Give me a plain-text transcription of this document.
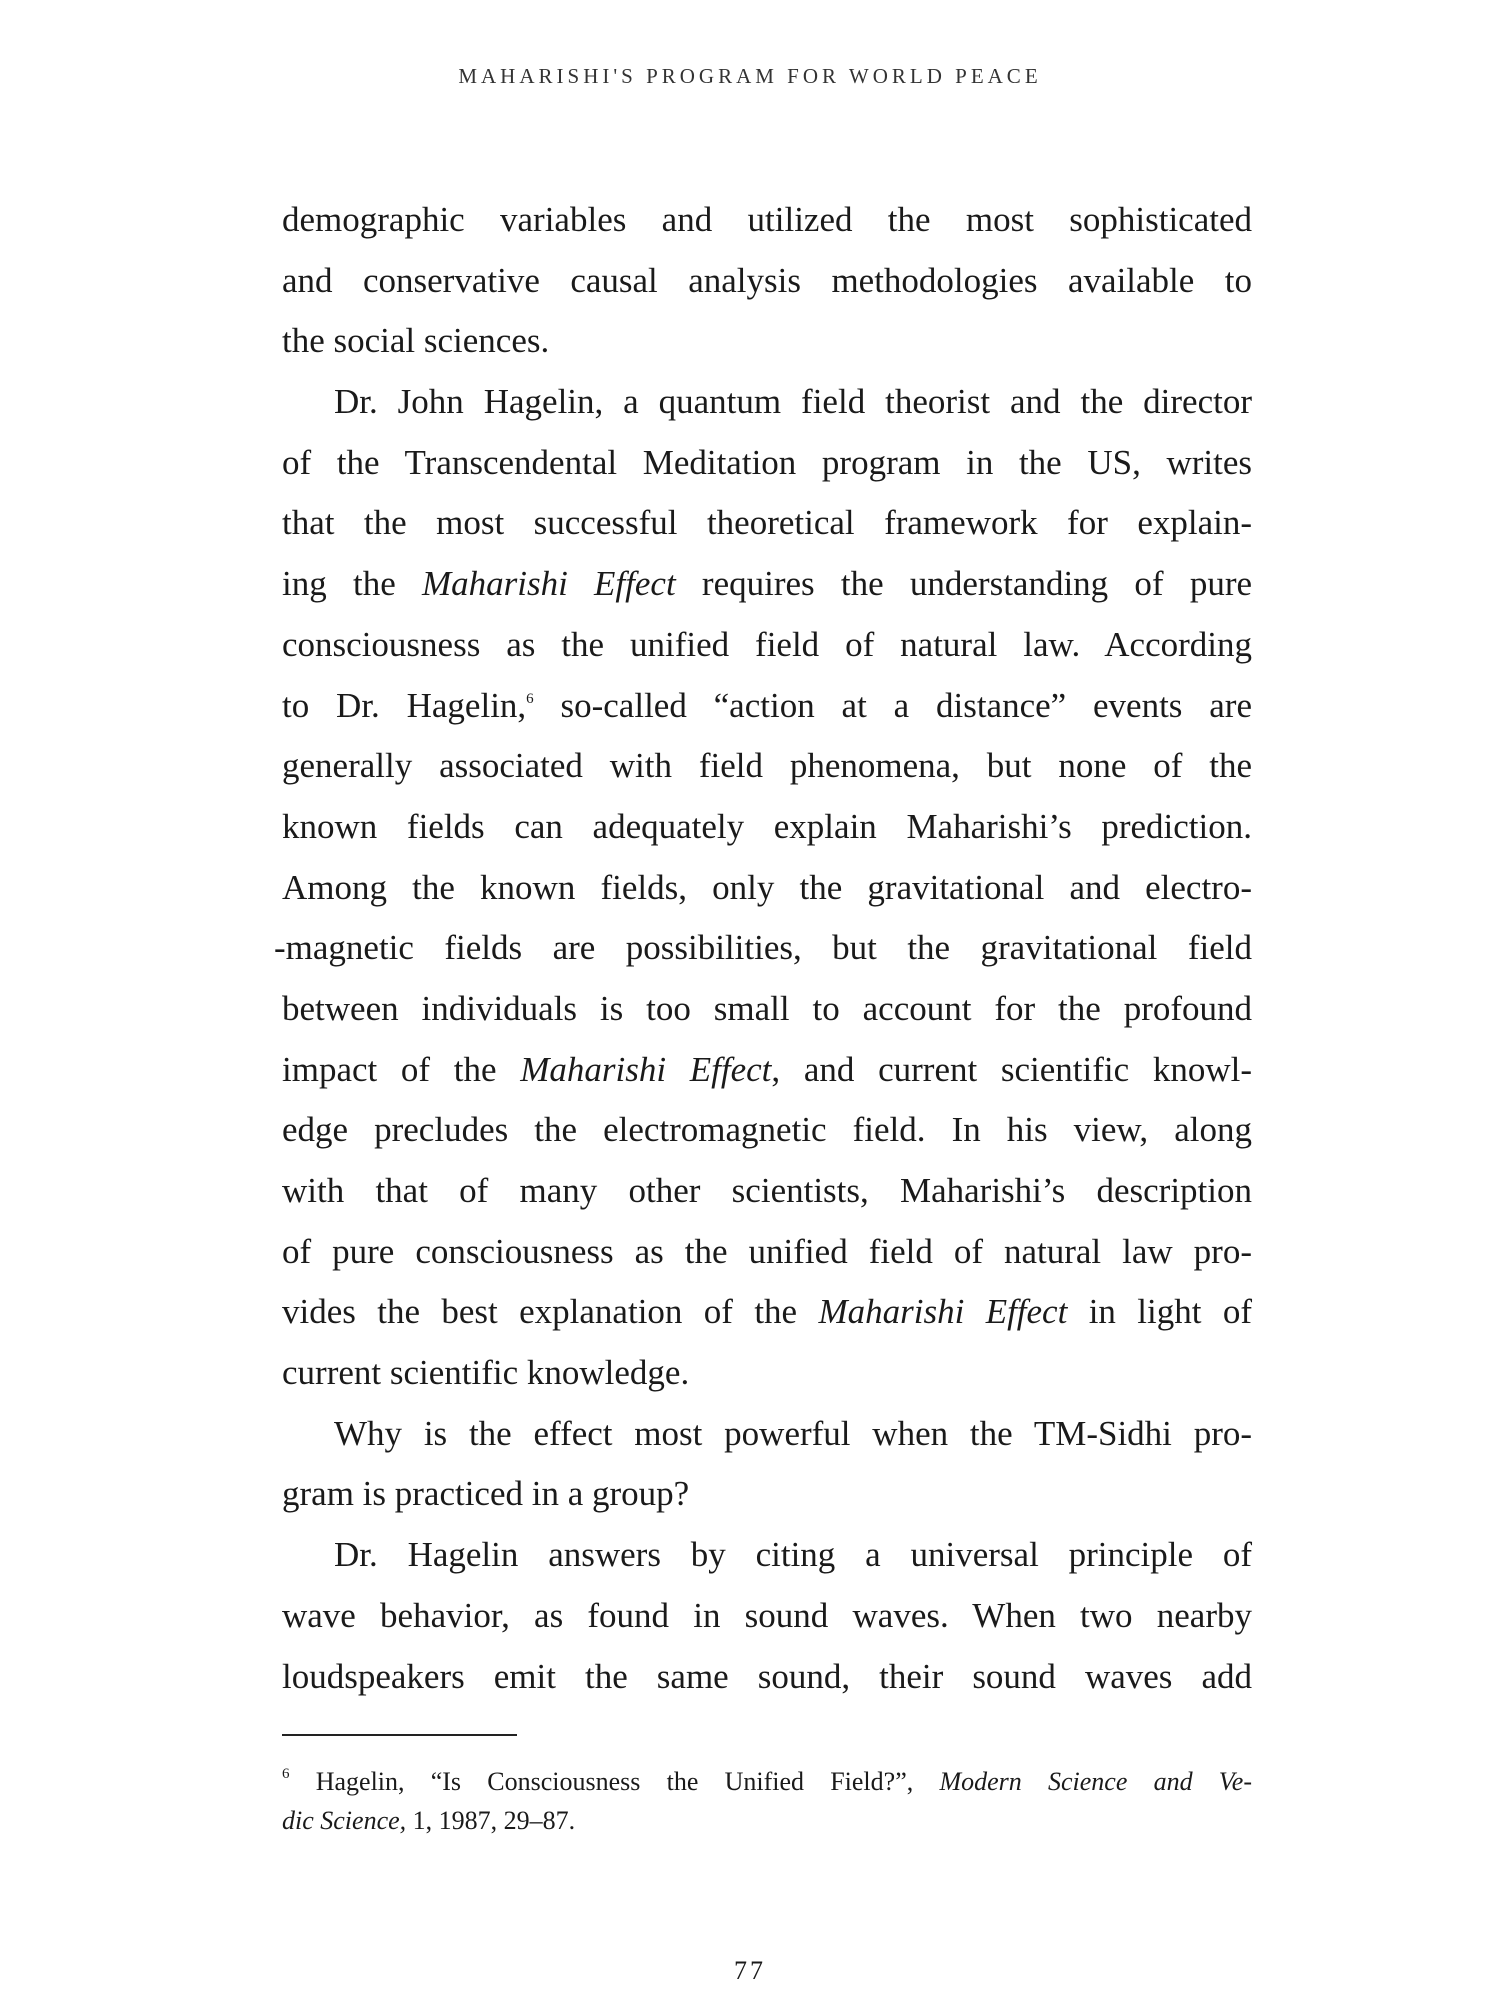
MAHARISHI'S PROGRAM FOR WORLD PEACE
demographic variables and utilized the most sophisticated
and conservative causal analysis methodologies available to
the social sciences.
Dr. John Hagelin, a quantum field theorist and the director
of the Transcendental Meditation program in the US, writes
that the most successful theoretical framework for explain-
ing the Maharishi Effect requires the understanding of pure
consciousness as the unified field of natural law. According
to Dr. Hagelin,$^6$ so-called “action at a distance” events are
generally associated with field phenomena, but none of the
known fields can adequately explain Maharishi’s prediction.
Among the known fields, only the gravitational and electro-
-magnetic fields are possibilities, but the gravitational field
between individuals is too small to account for the profound
impact of the Maharishi Effect, and current scientific knowl-
edge precludes the electromagnetic field. In his view, along
with that of many other scientists, Maharishi’s description
of pure consciousness as the unified field of natural law pro-
vides the best explanation of the Maharishi Effect in light of
current scientific knowledge.
Why is the effect most powerful when the TM-Sidhi pro-
gram is practiced in a group?
Dr. Hagelin answers by citing a universal principle of
wave behavior, as found in sound waves. When two nearby
loudspeakers emit the same sound, their sound waves add
$^6$ Hagelin, “Is Consciousness the Unified Field?”, Modern Science and Ve-
dic Science, 1, 1987, 29–87.
77
